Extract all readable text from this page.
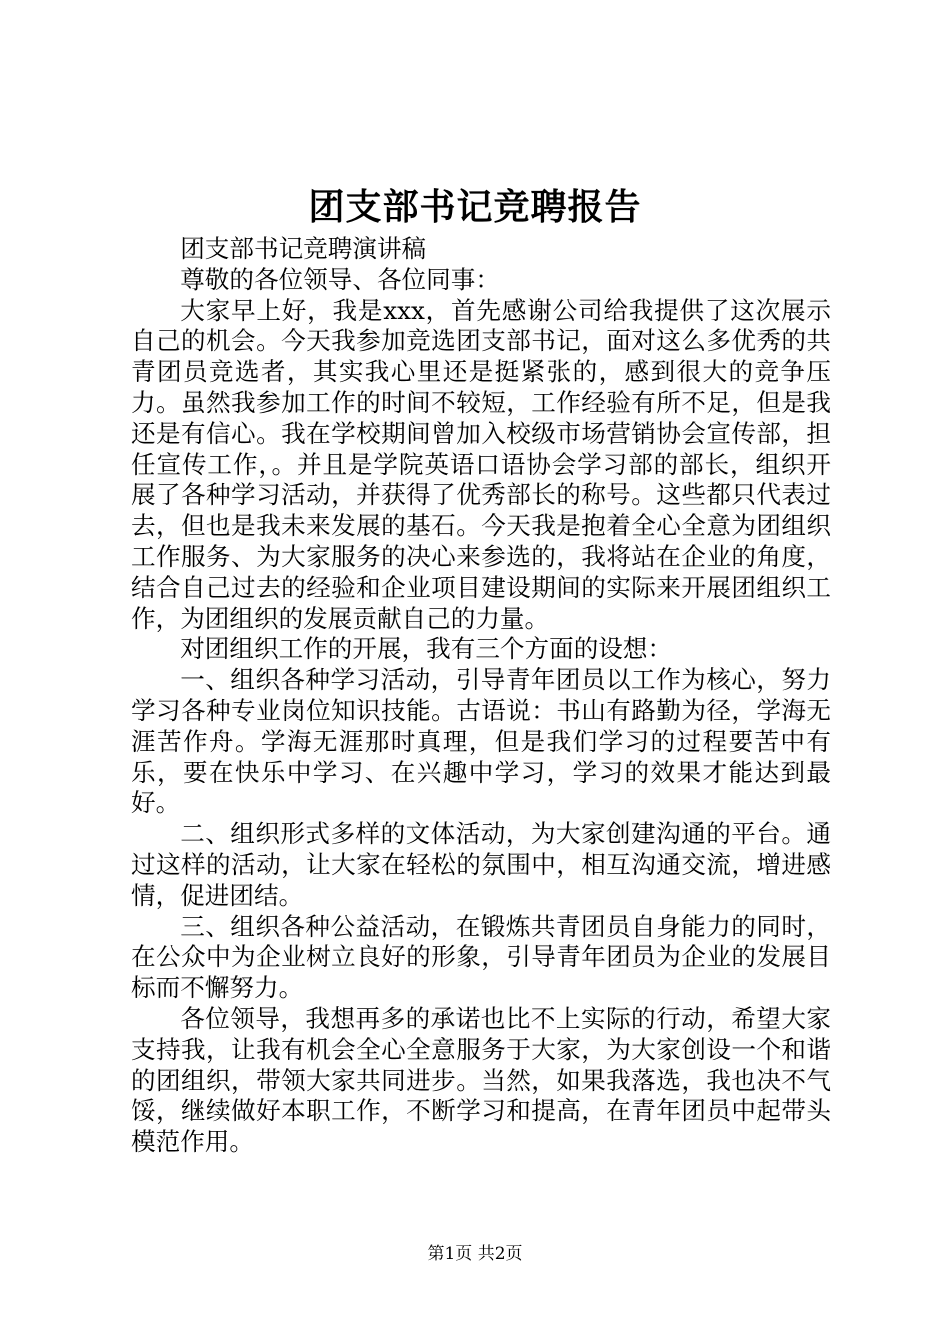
团支部书记竞聘报告

团支部书记竞聘演讲稿

尊敬的各位领导、各位同事：

大家早上好，我是xxx，首先感谢公司给我提供了这次展示自己的机会。今天我参加竞选团支部书记，面对这么多优秀的共青团员竞选者，其实我心里还是挺紧张的，感到很大的竞争压力。虽然我参加工作的时间不较短，工作经验有所不足，但是我还是有信心。我在学校期间曾加入校级市场营销协会宣传部，担任宣传工作，。并且是学院英语口语协会学习部的部长，组织开展了各种学习活动，并获得了优秀部长的称号。这些都只代表过去，但也是我未来发展的基石。今天我是抱着全心全意为团组织工作服务、为大家服务的决心来参选的，我将站在企业的角度，结合自己过去的经验和企业项目建设期间的实际来开展团组织工作，为团组织的发展贡献自己的力量。

对团组织工作的开展，我有三个方面的设想：

一、组织各种学习活动，引导青年团员以工作为核心，努力学习各种专业岗位知识技能。古语说：书山有路勤为径，学海无涯苦作舟。学海无涯那时真理，但是我们学习的过程要苦中有乐，要在快乐中学习、在兴趣中学习，学习的效果才能达到最好。

二、组织形式多样的文体活动，为大家创建沟通的平台。通过这样的活动，让大家在轻松的氛围中，相互沟通交流，增进感情，促进团结。

三、组织各种公益活动，在锻炼共青团员自身能力的同时，在公众中为企业树立良好的形象，引导青年团员为企业的发展目标而不懈努力。

各位领导，我想再多的承诺也比不上实际的行动，希望大家支持我，让我有机会全心全意服务于大家，为大家创设一个和谐的团组织，带领大家共同进步。当然，如果我落选，我也决不气馁，继续做好本职工作，不断学习和提高，在青年团员中起带头模范作用。

第1页 共2页
